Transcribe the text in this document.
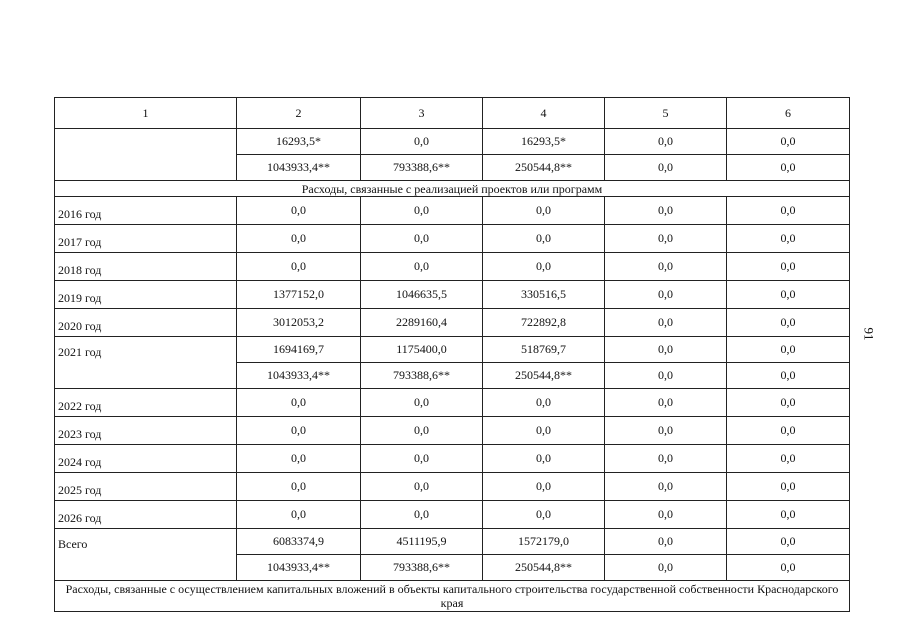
1	2	3	4	5	6
	16293,5*	0,0	16293,5*	0,0	0,0
	1043933,4**	793388,6**	250544,8**	0,0	0,0
Расходы, связанные с реализацией проектов или программ					
2016 год	0,0	0,0	0,0	0,0	0,0
2017 год	0,0	0,0	0,0	0,0	0,0
2018 год	0,0	0,0	0,0	0,0	0,0
2019 год	1377152,0	1046635,5	330516,5	0,0	0,0
2020 год	3012053,2	2289160,4	722892,8	0,0	0,0
2021 год	1694169,7	1175400,0	518769,7	0,0	0,0
	1043933,4**	793388,6**	250544,8**	0,0	0,0
2022 год	0,0	0,0	0,0	0,0	0,0
2023 год	0,0	0,0	0,0	0,0	0,0
2024 год	0,0	0,0	0,0	0,0	0,0
2025 год	0,0	0,0	0,0	0,0	0,0
2026 год	0,0	0,0	0,0	0,0	0,0
Всего	6083374,9	4511195,9	1572179,0	0,0	0,0
	1043933,4**	793388,6**	250544,8**	0,0	0,0
Расходы, связанные с осуществлением капитальных вложений в объекты капитального строительства государственной собственности Краснодарского края					
91
